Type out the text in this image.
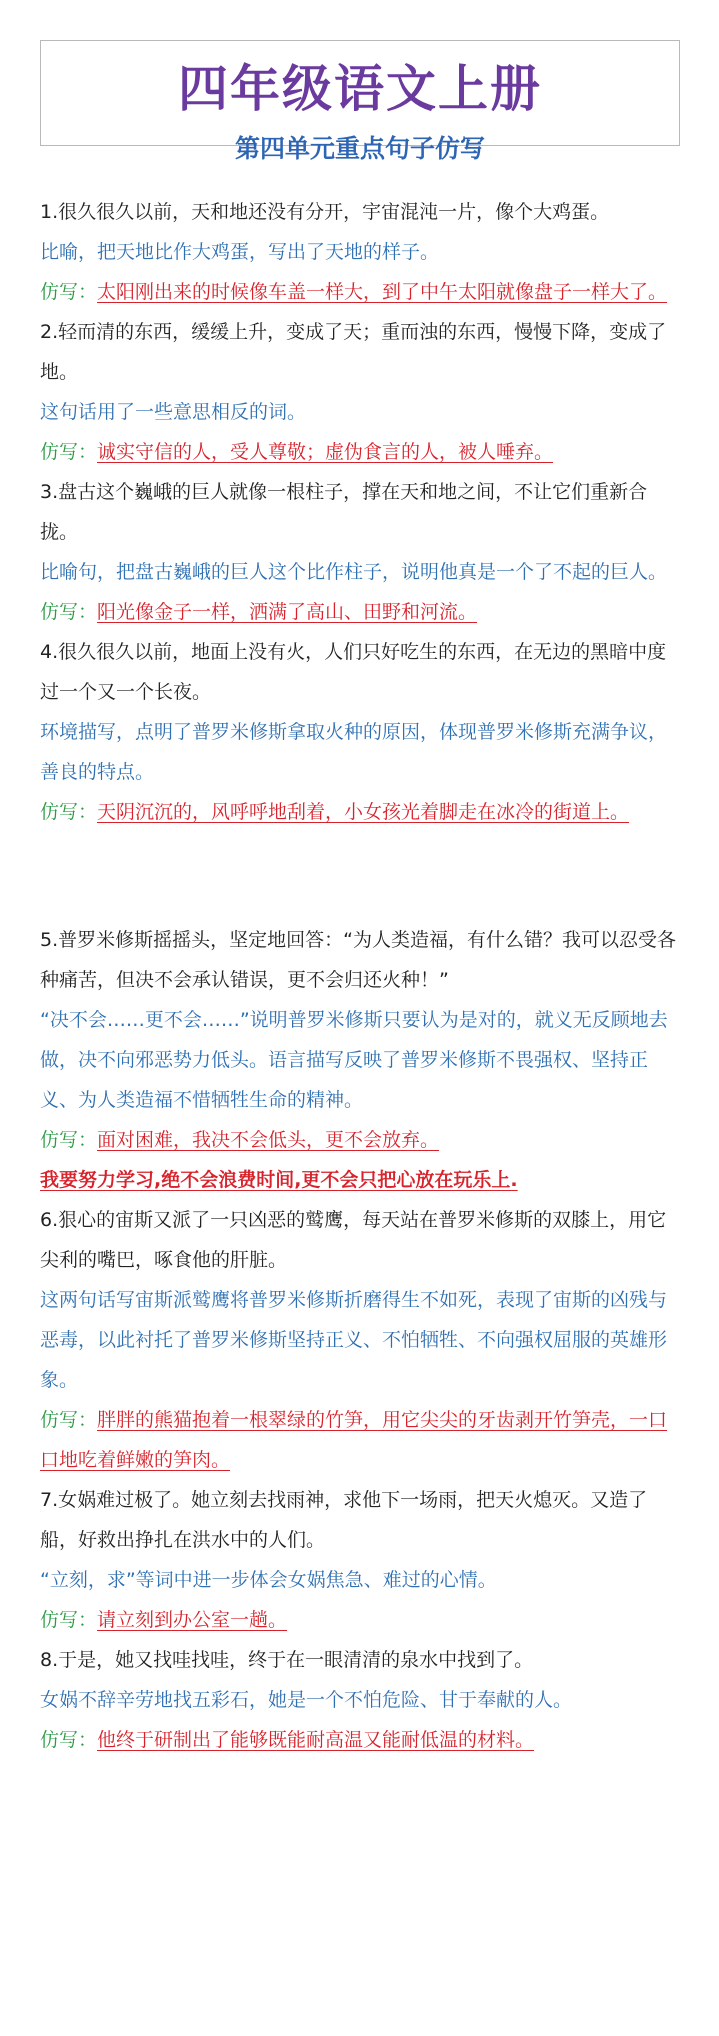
四年级语文上册
第四单元重点句子仿写
1.很久很久以前，天和地还没有分开，宇宙混沌一片，像个大鸡蛋。
比喻，把天地比作大鸡蛋，写出了天地的样子。
仿写：太阳刚出来的时候像车盖一样大，到了中午太阳就像盘子一样大了。
2.轻而清的东西，缓缓上升，变成了天；重而浊的东西，慢慢下降，变成了地。
这句话用了一些意思相反的词。
仿写：诚实守信的人，受人尊敬；虚伪食言的人，被人唾弃。
3.盘古这个巍峨的巨人就像一根柱子，撑在天和地之间，不让它们重新合拢。
比喻句，把盘古巍峨的巨人这个比作柱子，说明他真是一个了不起的巨人。
仿写：阳光像金子一样，洒满了高山、田野和河流。
4.很久很久以前，地面上没有火，人们只好吃生的东西，在无边的黑暗中度过一个又一个长夜。
环境描写，点明了普罗米修斯拿取火种的原因，体现普罗米修斯充满争议，善良的特点。
仿写：天阴沉沉的，风呼呼地刮着，小女孩光着脚走在冰冷的街道上。
5.普罗米修斯摇摇头，坚定地回答：“为人类造福，有什么错？我可以忍受各种痛苦，但决不会承认错误，更不会归还火种！”
“决不会……更不会……”说明普罗米修斯只要认为是对的，就义无反顾地去做，决不向邪恶势力低头。语言描写反映了普罗米修斯不畏强权、坚持正义、为人类造福不惜牺牲生命的精神。
仿写：面对困难，我决不会低头，更不会放弃。
我要努力学习,绝不会浪费时间,更不会只把心放在玩乐上.
6.狠心的宙斯又派了一只凶恶的鹫鹰，每天站在普罗米修斯的双膝上，用它尖利的嘴巴，啄食他的肝脏。
这两句话写宙斯派鹫鹰将普罗米修斯折磨得生不如死，表现了宙斯的凶残与恶毒，以此衬托了普罗米修斯坚持正义、不怕牺牲、不向强权屈服的英雄形象。
仿写：胖胖的熊猫抱着一根翠绿的竹笋，用它尖尖的牙齿剥开竹笋壳，一口口地吃着鲜嫩的笋肉。
7.女娲难过极了。她立刻去找雨神，求他下一场雨，把天火熄灭。又造了船，好救出挣扎在洪水中的人们。
“立刻，求”等词中进一步体会女娲焦急、难过的心情。
仿写：请立刻到办公室一趟。
8.于是，她又找哇找哇，终于在一眼清清的泉水中找到了。
女娲不辞辛劳地找五彩石，她是一个不怕危险、甘于奉献的人。
仿写：他终于研制出了能够既能耐高温又能耐低温的材料。
